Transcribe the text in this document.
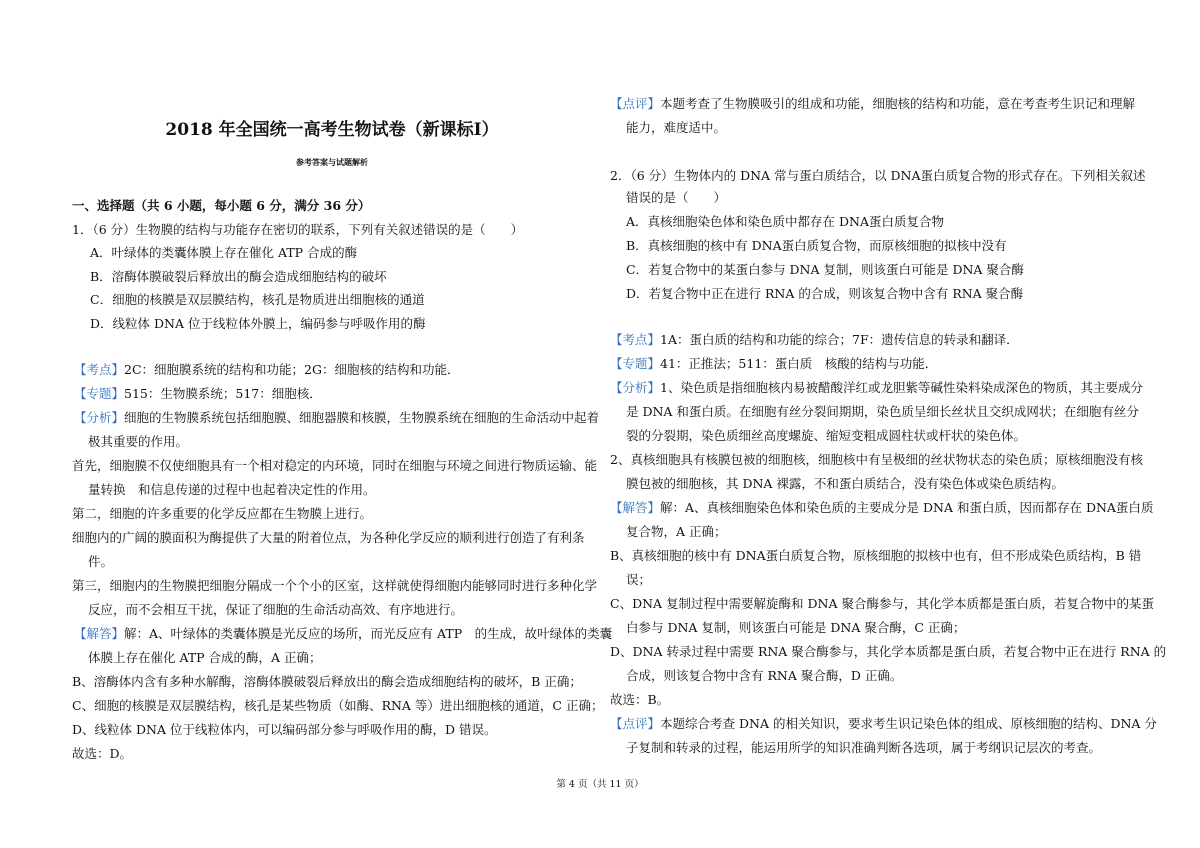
2018 年全国统一高考生物试卷（新课标Ⅰ）
参考答案与试题解析
一、选择题（共 6 小题，每小题 6 分，满分 36 分）
1．（6 分）生物膜的结构与功能存在密切的联系，下列有关叙述错误的是（　　）
A．叶绿体的类囊体膜上存在催化 ATP 合成的酶
B．溶酶体膜破裂后释放出的酶会造成细胞结构的破坏
C．细胞的核膜是双层膜结构，核孔是物质进出细胞核的通道
D．线粒体 DNA 位于线粒体外膜上，编码参与呼吸作用的酶
【考点】2C：细胞膜系统的结构和功能；2G：细胞核的结构和功能．
【专题】515：生物膜系统；517：细胞核．
【分析】细胞的生物膜系统包括细胞膜、细胞器膜和核膜，生物膜系统在细胞的生命活动中起着
极其重要的作用。
首先，细胞膜不仅使细胞具有一个相对稳定的内环境，同时在细胞与环境之间进行物质运输、能
量转换　和信息传递的过程中也起着决定性的作用。
第二，细胞的许多重要的化学反应都在生物膜上进行。
细胞内的广阔的膜面积为酶提供了大量的附着位点，为各种化学反应的顺利进行创造了有利条
件。
第三，细胞内的生物膜把细胞分隔成一个个小的区室，这样就使得细胞内能够同时进行多种化学
反应，而不会相互干扰，保证了细胞的生命活动高效、有序地进行。
【解答】解：A、叶绿体的类囊体膜是光反应的场所，而光反应有 ATP　的生成，故叶绿体的类囊
体膜上存在催化 ATP 合成的酶，A 正确；
B、溶酶体内含有多种水解酶，溶酶体膜破裂后释放出的酶会造成细胞结构的破坏，B 正确；
C、细胞的核膜是双层膜结构，核孔是某些物质（如酶、RNA 等）进出细胞核的通道，C 正确；
D、线粒体 DNA 位于线粒体内，可以编码部分参与呼吸作用的酶，D 错误。
故选：D。
【点评】本题考查了生物膜吸引的组成和功能，细胞核的结构和功能，意在考查考生识记和理解
能力，难度适中。
2．（6 分）生物体内的 DNA 常与蛋白质结合，以 DNA蛋白质复合物的形式存在。下列相关叙述
错误的是（　　）
A．真核细胞染色体和染色质中都存在 DNA蛋白质复合物
B．真核细胞的核中有 DNA蛋白质复合物，而原核细胞的拟核中没有
C．若复合物中的某蛋白参与 DNA 复制，则该蛋白可能是 DNA 聚合酶
D．若复合物中正在进行 RNA 的合成，则该复合物中含有 RNA 聚合酶
【考点】1A：蛋白质的结构和功能的综合；7F：遗传信息的转录和翻译．
【专题】41：正推法；511：蛋白质　核酸的结构与功能．
【分析】1、染色质是指细胞核内易被醋酸洋红或龙胆紫等碱性染料染成深色的物质，其主要成分
是 DNA 和蛋白质。在细胞有丝分裂间期期，染色质呈细长丝状且交织成网状；在细胞有丝分
裂的分裂期，染色质细丝高度螺旋、缩短变粗成圆柱状或杆状的染色体。
2、真核细胞具有核膜包被的细胞核，细胞核中有呈极细的丝状物状态的染色质；原核细胞没有核
膜包被的细胞核，其 DNA 裸露，不和蛋白质结合，没有染色体或染色质结构。
【解答】解：A、真核细胞染色体和染色质的主要成分是 DNA 和蛋白质，因而都存在 DNA蛋白质
复合物，A 正确；
B、真核细胞的核中有 DNA蛋白质复合物，原核细胞的拟核中也有，但不形成染色质结构，B 错
误；
C、DNA 复制过程中需要解旋酶和 DNA 聚合酶参与，其化学本质都是蛋白质，若复合物中的某蛋
白参与 DNA 复制，则该蛋白可能是 DNA 聚合酶，C 正确；
D、DNA 转录过程中需要 RNA 聚合酶参与，其化学本质都是蛋白质，若复合物中正在进行 RNA 的
合成，则该复合物中含有 RNA 聚合酶，D 正确。
故选：B。
【点评】本题综合考查 DNA 的相关知识，要求考生识记染色体的组成、原核细胞的结构、DNA 分
子复制和转录的过程，能运用所学的知识准确判断各选项，属于考纲识记层次的考查。
第 4 页（共 11 页）
